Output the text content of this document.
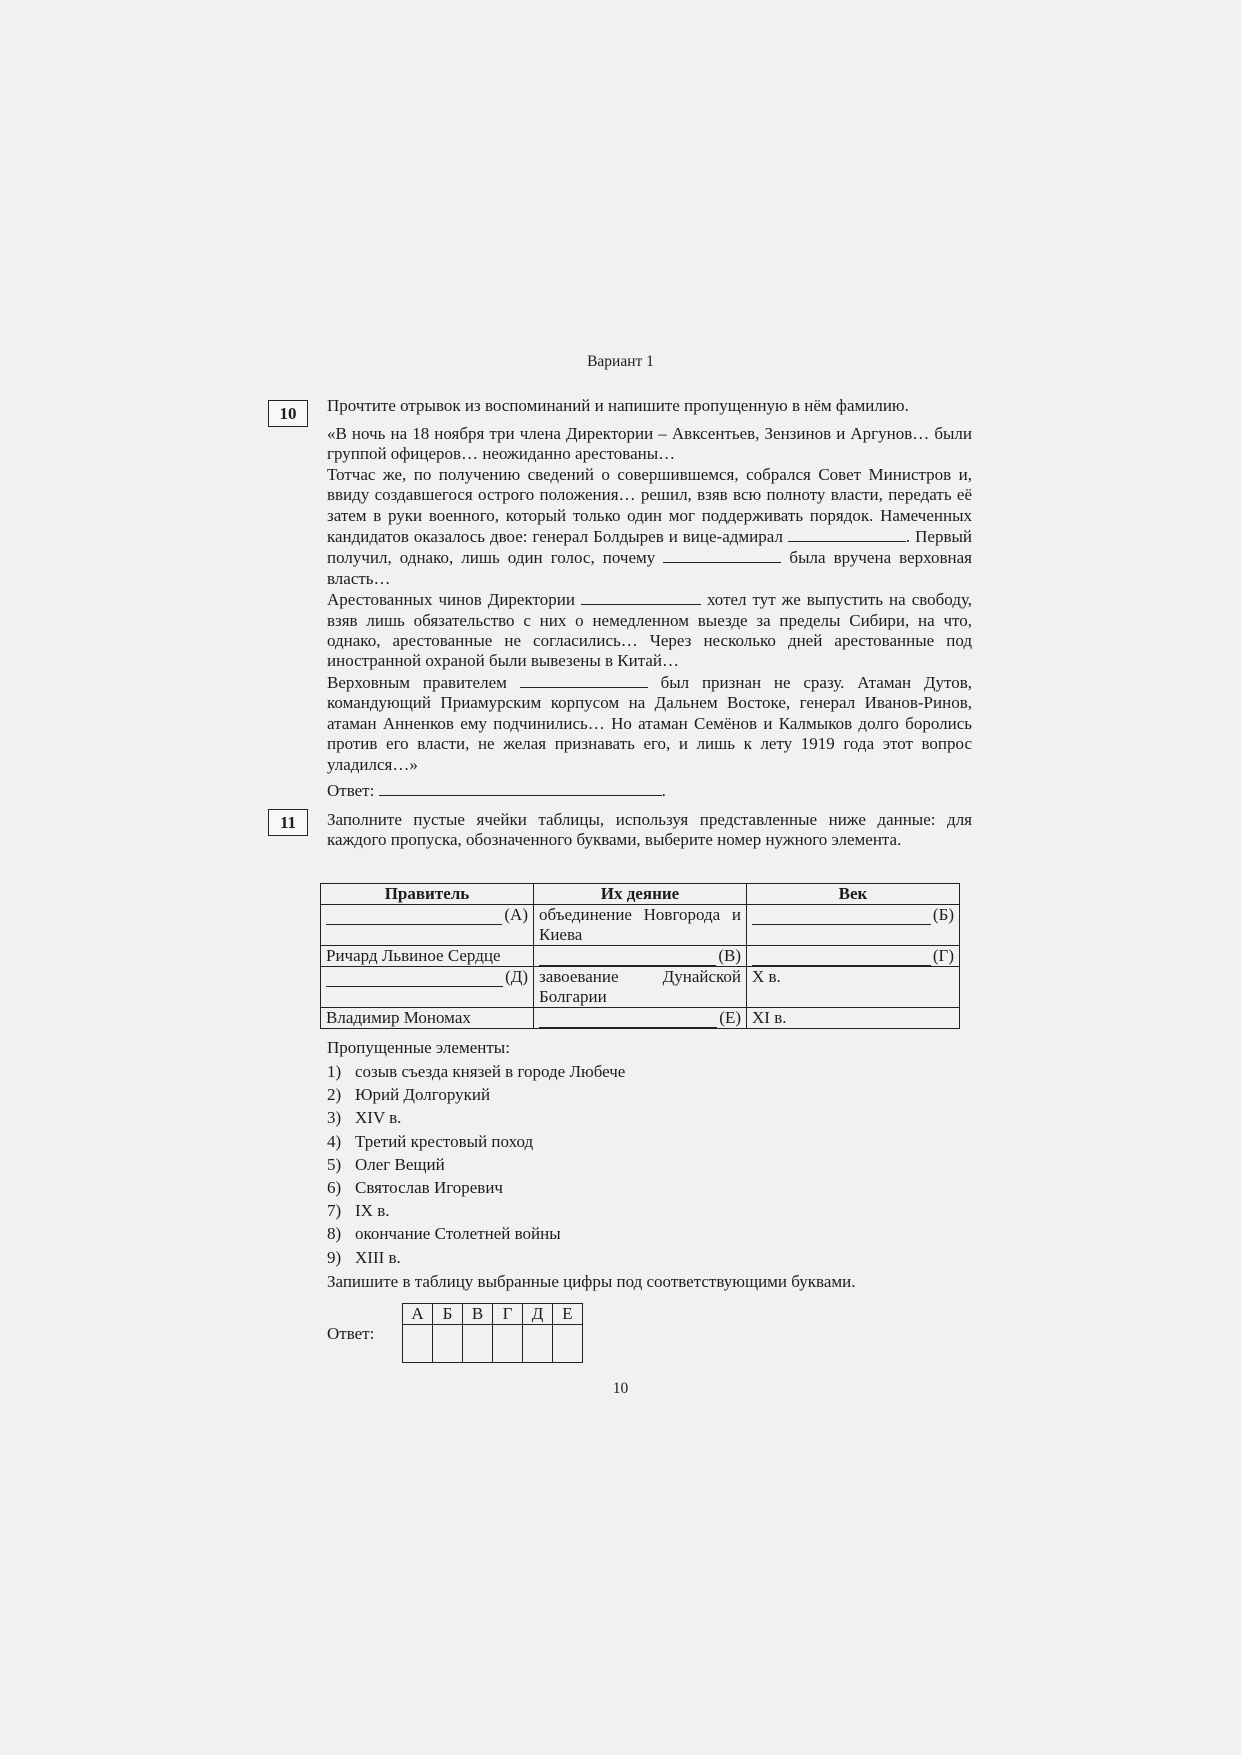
Вариант 1
10	Прочтите отрывок из воспоминаний и напишите пропущенную в нём фамилию.
«В ночь на 18 ноября три члена Директории – Авксентьев, Зензинов и Аргунов… были группой офицеров… неожиданно арестованы…
Тотчас же, по получению сведений о совершившемся, собрался Совет Министров и, ввиду создавшегося острого положения… решил, взяв всю полноту власти, передать её затем в руки военного, который только один мог поддерживать порядок. Намеченных кандидатов оказалось двое: генерал Болдырев и вице-адмирал	. Первый получил, однако, лишь один голос, почему	была вручена верховная власть…
Арестованных чинов Директории	хотел тут же выпустить на свободу, взяв лишь обязательство с них о немедленном выезде за пределы Сибири, на что, однако, арестованные не согласились… Через несколько дней арестованные под иностранной охраной были вывезены в Китай…
Верховным правителем	был признан не сразу. Атаман Дутов, командующий Приамурским корпусом на Дальнем Востоке, генерал Иванов-Ринов, атаман Анненков ему подчинились… Но атаман Семёнов и Калмыков долго боролись против его власти, не желая признавать его, и лишь к лету 1919 года этот вопрос уладился…»
Ответ:	.
11	Заполните пустые ячейки таблицы, используя представленные ниже данные: для каждого пропуска, обозначенного буквами, выберите номер нужного элемента.
Правитель	Их деяние	Век

(А)	объединение Новгорода и Киева	(Б)

Ричард Львиное Сердце	(В)	(Г)

(Д)	завоевание Дунайской Болгарии	X в.
Владимир Мономах	(Е)	XI в.
Пропущенные элементы:
1) созыв съезда князей в городе Любече
2) Юрий Долгорукий
3) XIV в.
4) Третий крестовый поход
5) Олег Вещий
6) Святослав Игоревич
7) IX в.
8) окончание Столетней войны
9) XIII в.
Запишите в таблицу выбранные цифры под соответствующими буквами.
Ответ:
А	Б	В	Г	Д	Е

10
